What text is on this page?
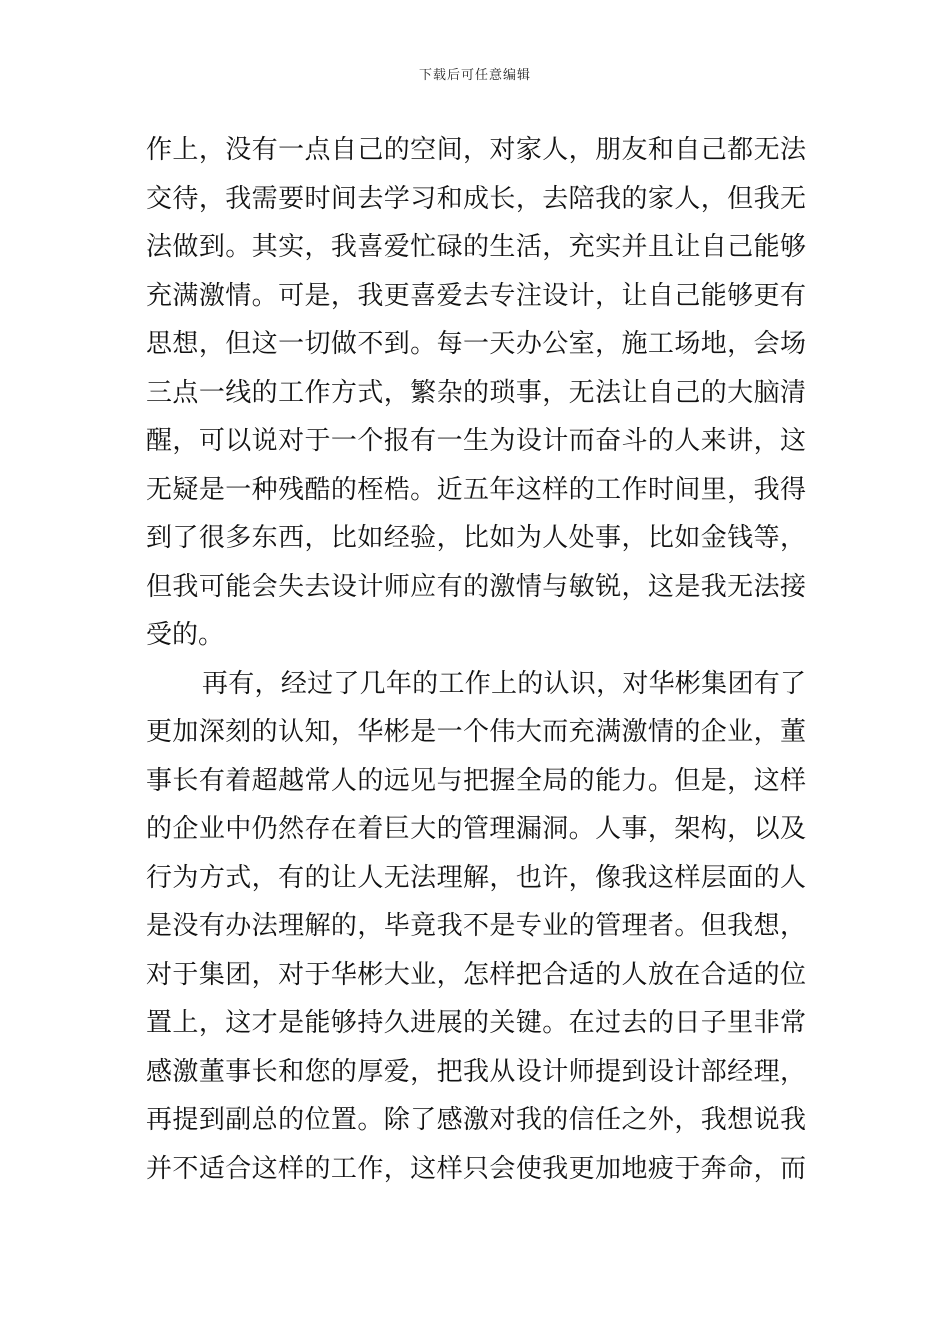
下载后可任意编辑
作上，没有一点自己的空间，对家人，朋友和自己都无法
交待，我需要时间去学习和成长，去陪我的家人，但我无
法做到。其实，我喜爱忙碌的生活，充实并且让自己能够
充满激情。可是，我更喜爱去专注设计，让自己能够更有
思想，但这一切做不到。每一天办公室，施工场地，会场
三点一线的工作方式，繁杂的琐事，无法让自己的大脑清
醒，可以说对于一个报有一生为设计而奋斗的人来讲，这
无疑是一种残酷的桎梏。近五年这样的工作时间里，我得
到了很多东西，比如经验，比如为人处事，比如金钱等，
但我可能会失去设计师应有的激情与敏锐，这是我无法接
受的。
再有，经过了几年的工作上的认识，对华彬集团有了
更加深刻的认知，华彬是一个伟大而充满激情的企业，董
事长有着超越常人的远见与把握全局的能力。但是，这样
的企业中仍然存在着巨大的管理漏洞。人事，架构，以及
行为方式，有的让人无法理解，也许，像我这样层面的人
是没有办法理解的，毕竟我不是专业的管理者。但我想，
对于集团，对于华彬大业，怎样把合适的人放在合适的位
置上，这才是能够持久进展的关键。在过去的日子里非常
感激董事长和您的厚爱，把我从设计师提到设计部经理，
再提到副总的位置。除了感激对我的信任之外，我想说我
并不适合这样的工作，这样只会使我更加地疲于奔命，而
